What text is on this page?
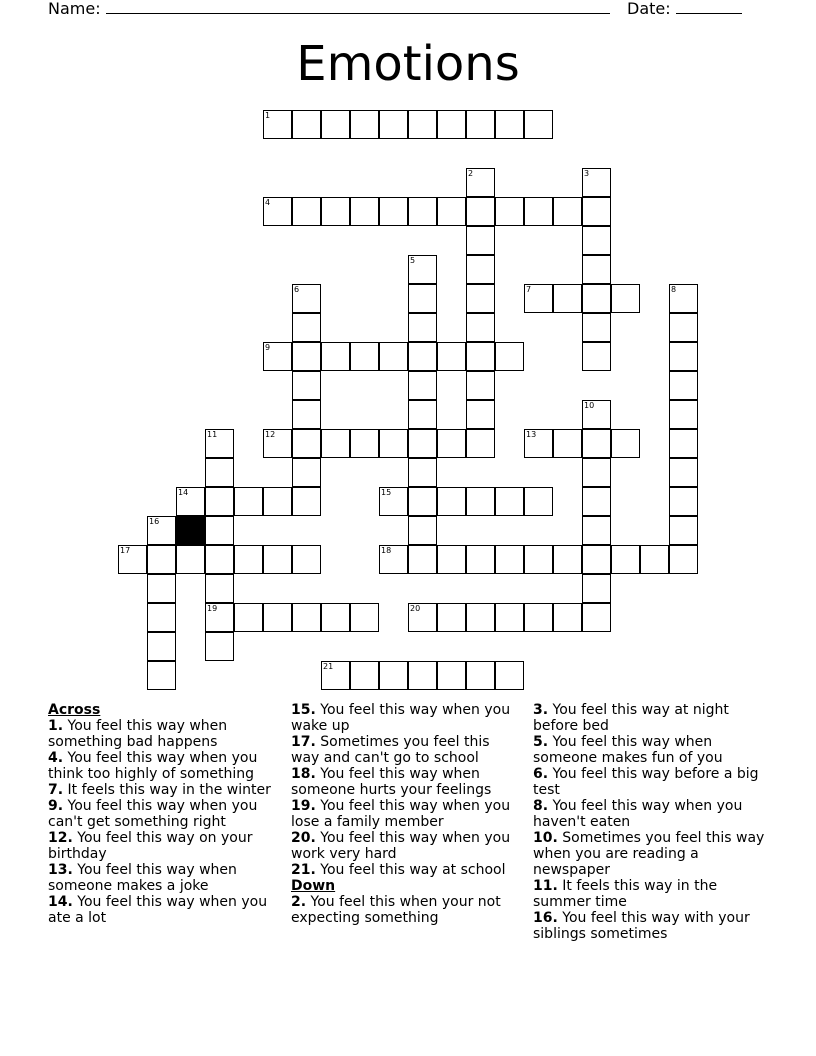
Name:	Date:
Emotions
1
2	3
4
5
6	7	8
9
10
11	12	13
14	15
16
17	18
19	20
21

Across

1. You feel this way when something bad happens

4. You feel this way when you think too highly of something

7. It feels this way in the winter

9. You feel this way when you can't get something right

12. You feel this way on your birthday

13. You feel this way when someone makes a joke

14. You feel this way when you ate a lot

15. You feel this way when you wake up

17. Sometimes you feel this way and can't go to school

18. You feel this way when someone hurts your feelings

19. You feel this way when you lose a family member

20. You feel this way when you work very hard

21. You feel this way at school

Down

2. You feel this when your not expecting something

3. You feel this way at night before bed

5. You feel this way when someone makes fun of you

6. You feel this way before a big test

8. You feel this way when you haven't eaten

10. Sometimes you feel this way when you are reading a newspaper

11. It feels this way in the summer time

16. You feel this way with your siblings sometimes
